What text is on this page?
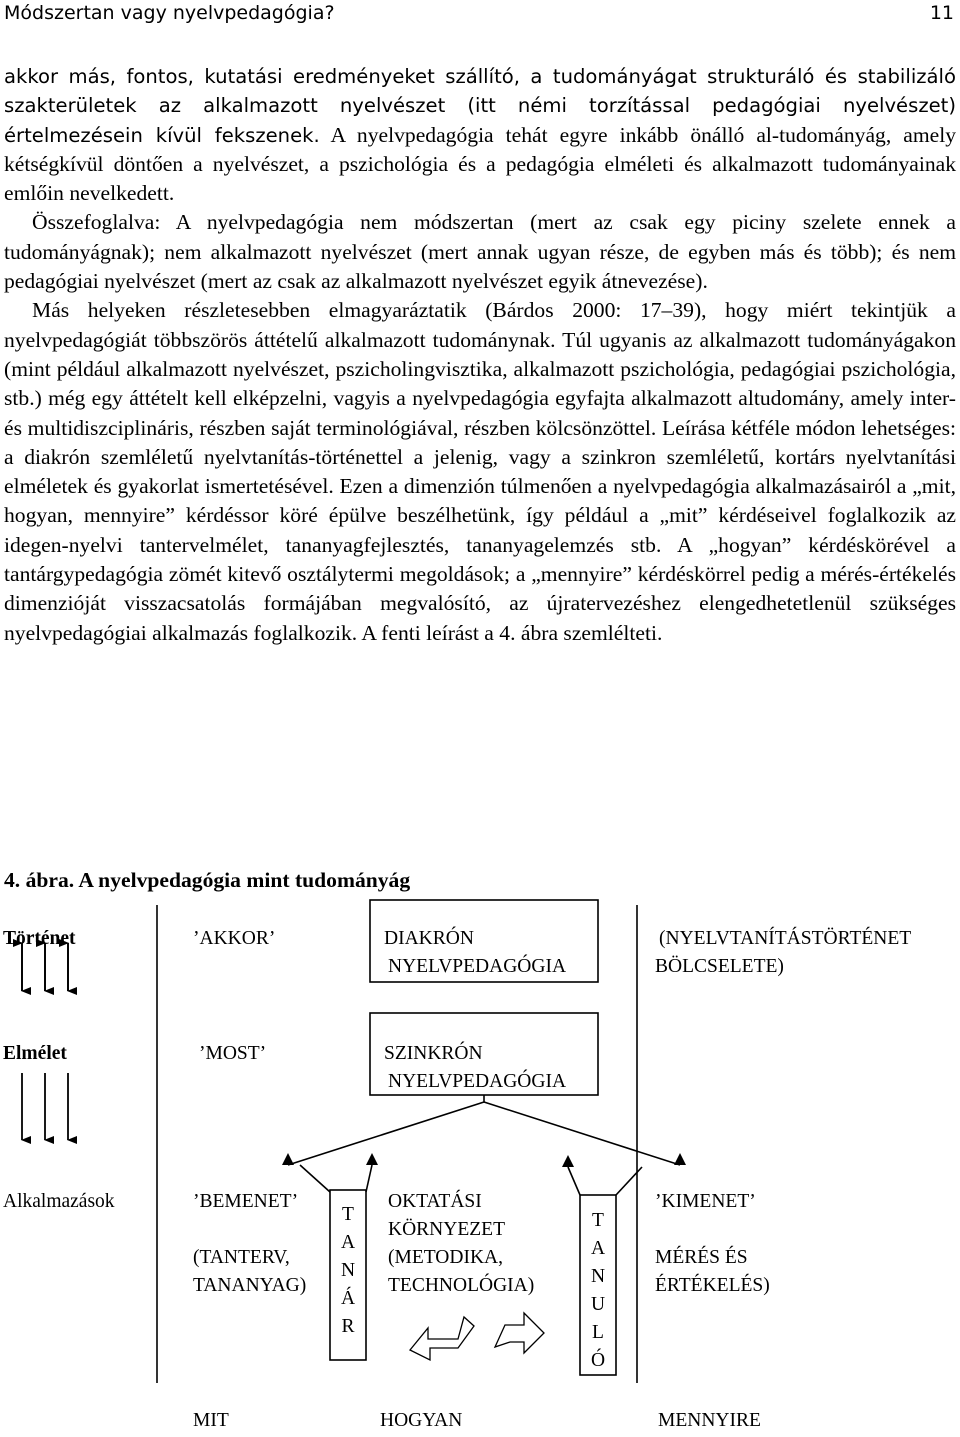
Módszertan vagy nyelvpedagógia?	11

akkor más, fontos, kutatási eredményeket szállító, a tudományágat strukturáló és stabilizáló szakterületek az alkalmazott nyelvészet (itt némi torzítással pedagógiai nyelvészet) értelmezésein kívül fekszenek. A nyelvpedagógia tehát egyre inkább önálló al-tudományág, amely kétségkívül döntően a nyelvészet, a pszichológia és a pedagógia elméleti és alkalmazott tudományainak emlőin nevelkedett.

Összefoglalva: A nyelvpedagógia nem módszertan (mert az csak egy piciny szelete ennek a tudományágnak); nem alkalmazott nyelvészet (mert annak ugyan része, de egyben más és több); és nem pedagógiai nyelvészet (mert az csak az alkalmazott nyelvészet egyik átnevezése).

Más helyeken részletesebben elmagyaráztatik (Bárdos 2000: 17–39), hogy miért tekintjük a nyelvpedagógiát többszörös áttételű alkalmazott tudománynak. Túl ugyanis az alkalmazott tudományágakon (mint például alkalmazott nyelvészet, pszicholingvisztika, alkalmazott pszichológia, pedagógiai pszichológia, stb.) még egy áttételt kell elképzelni, vagyis a nyelvpedagógia egyfajta alkalmazott altudomány, amely inter- és multidiszciplináris, részben saját terminológiával, részben kölcsönzöttel. Leírása kétféle módon lehetséges: a diakrón szemléletű nyelvtanítás-történettel a jelenig, vagy a szinkron szemléletű, kortárs nyelvtanítási elméletek és gyakorlat ismertetésével. Ezen a dimenzión túlmenően a nyelvpedagógia alkalmazásairól a „mit, hogyan, mennyire” kérdéssor köré épülve beszélhetünk, így például a „mit” kérdéseivel foglalkozik az idegen-nyelvi tantervelmélet, tananyagfejlesztés, tananyagelemzés stb. A „hogyan” kérdéskörével a tantárgypedagógia zömét kitevő osztálytermi megoldások; a „mennyire” kérdéskörrel pedig a mérés-értékelés dimenzióját visszacsatolás formájában megvalósító, az újratervezéshez elengedhetetlenül szükséges nyelvpedagógiai alkalmazás foglalkozik. A fenti leírást a 4. ábra szemlélteti.

4. ábra. A nyelvpedagógia mint tudományág
Történet	’AKKOR’	DIAKRÓN
NYELVPEDAGÓGIA
(NYELVTANÍTÁSTÖRTÉNET
BÖLCSELETE)
Elmélet	’MOST’	SZINKRÓN
NYELVPEDAGÓGIA
Alkalmazások	’BEMENET’
(TANTERV,
TANANYAG)
T
A
N
Á
R
OKTATÁSI
KÖRNYEZET
(METODIKA,
TECHNOLÓGIA)
T
A
N
U
L
Ó
’KIMENET’
MÉRÉS ÉS
ÉRTÉKELÉS)
MIT	HOGYAN	MENNYIRE
